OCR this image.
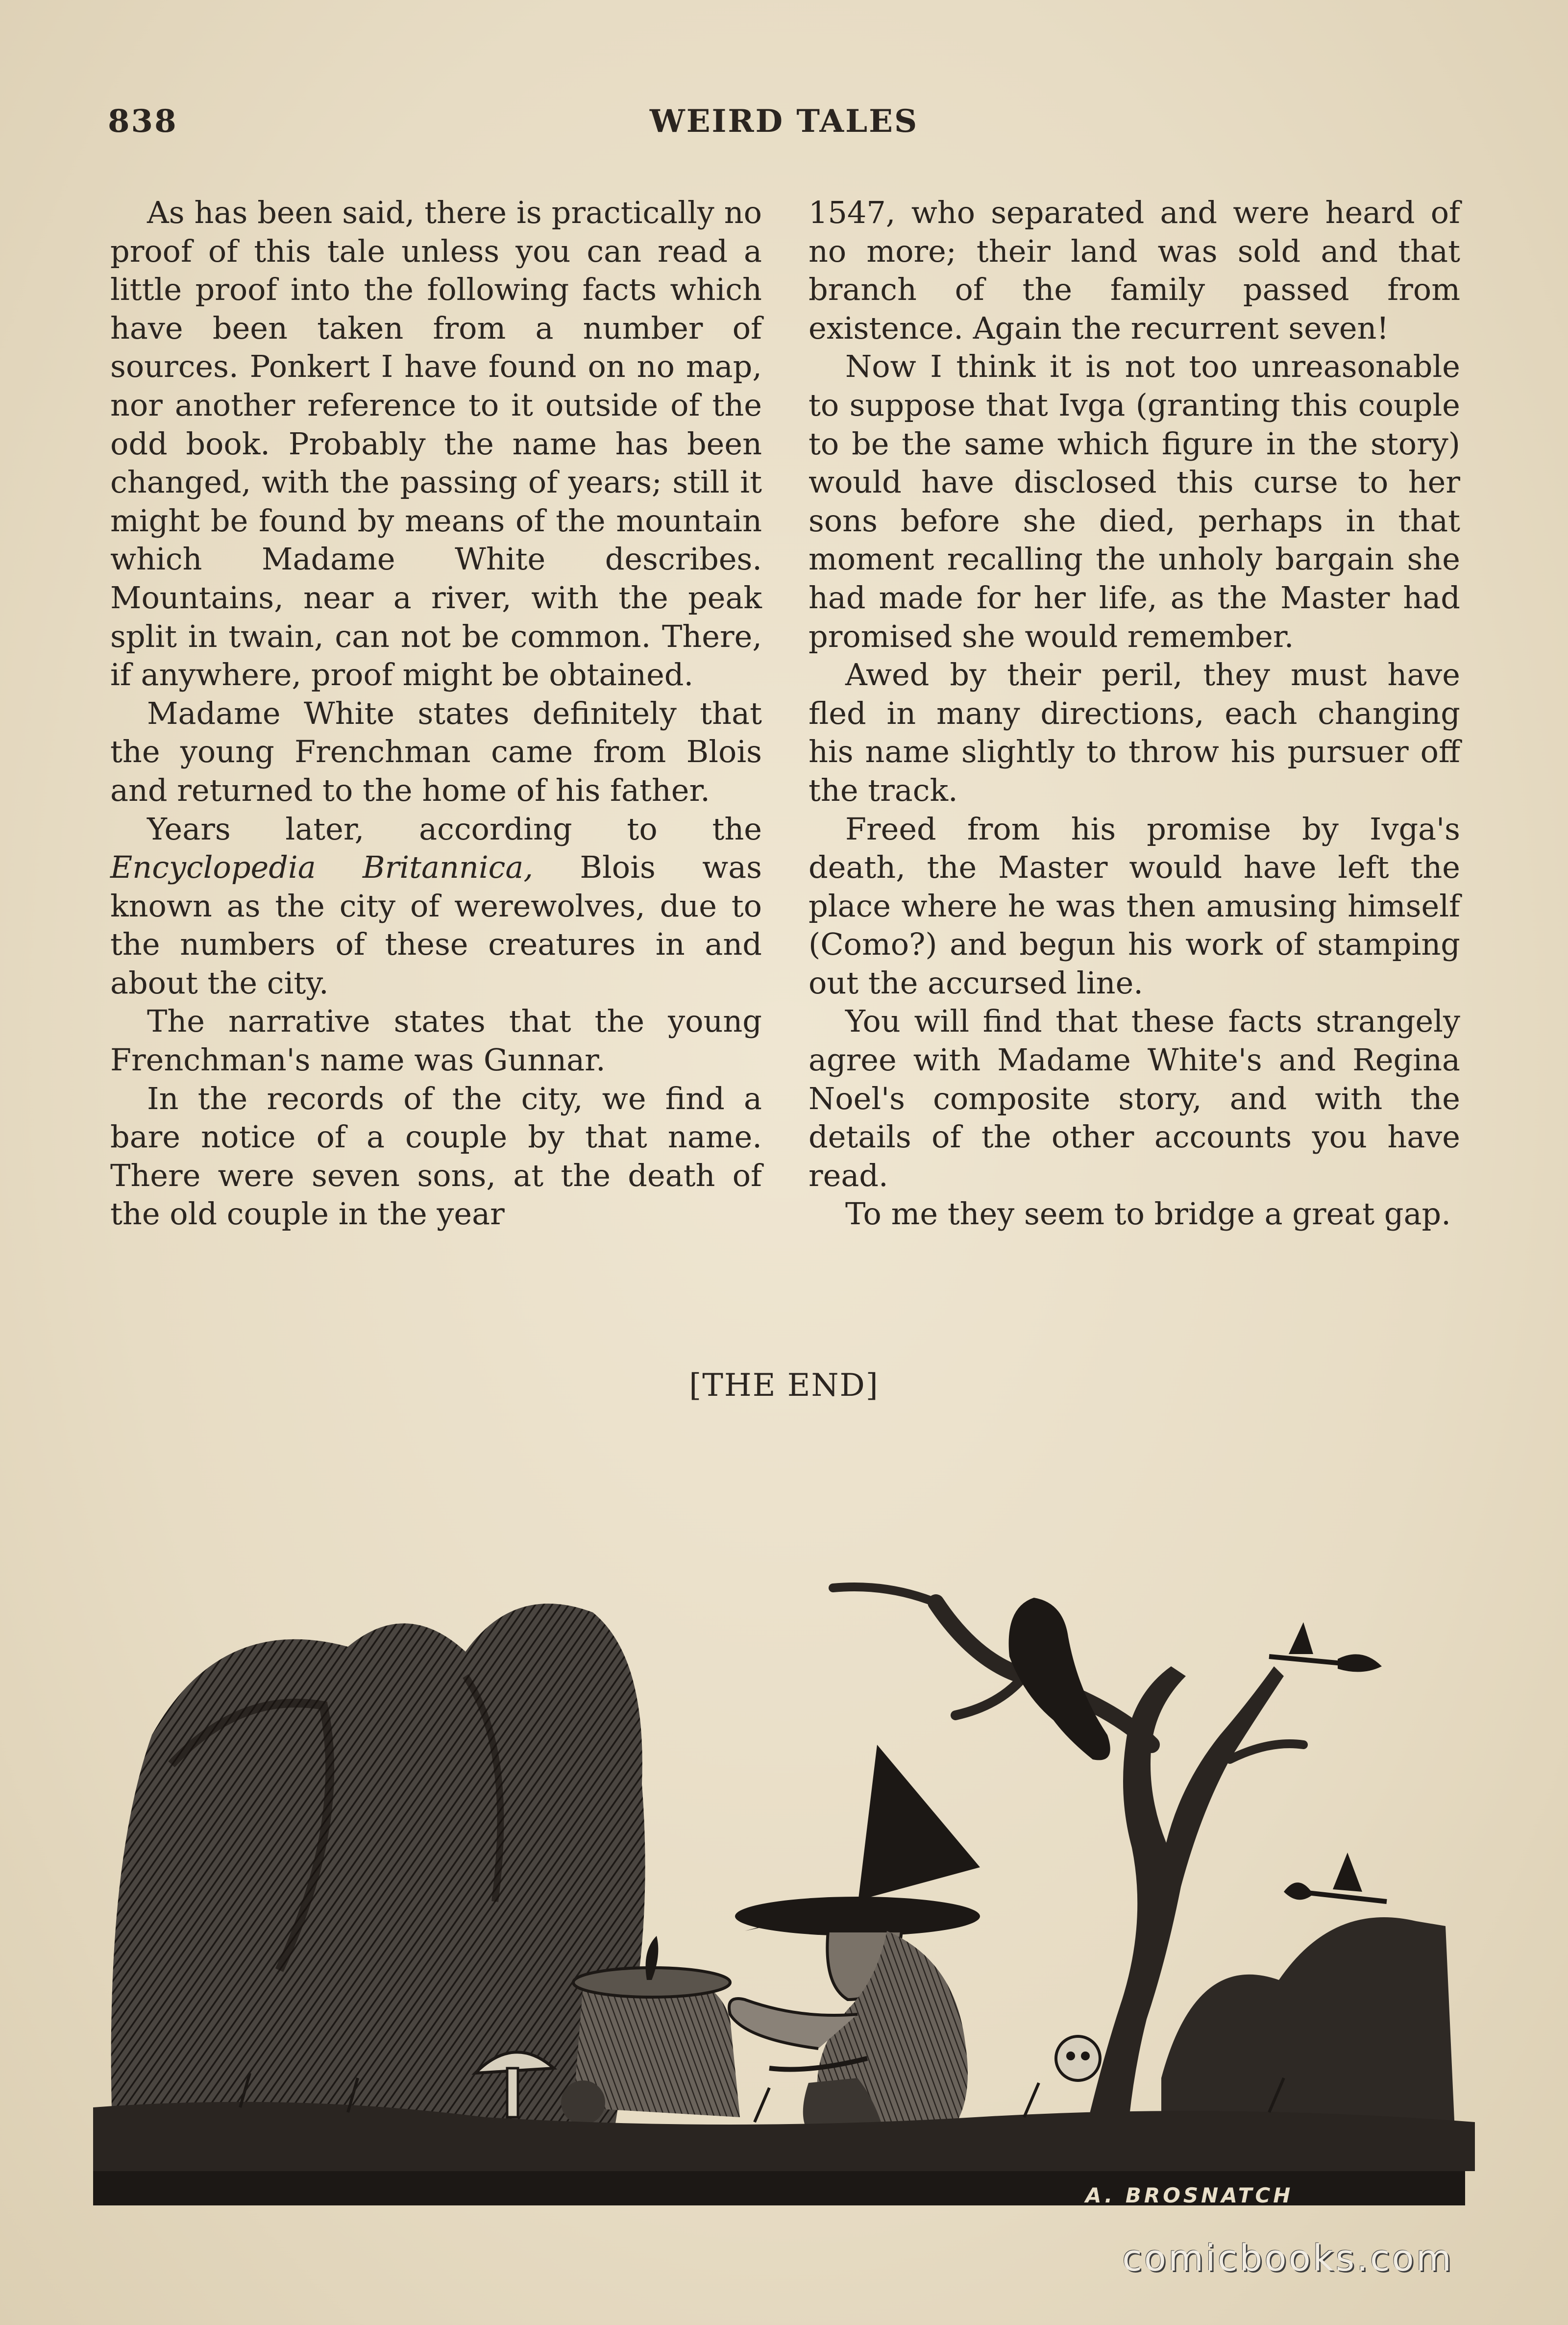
838	WEIRD TALES

As has been said, there is practically no proof of this tale unless you can read a little proof into the following facts which have been taken from a number of sources. Ponkert I have found on no map, nor another reference to it outside of the odd book. Probably the name has been changed, with the passing of years; still it might be found by means of the mountain which Madame White describes. Mountains, near a river, with the peak split in twain, can not be common. There, if anywhere, proof might be obtained.

Madame White states definitely that the young Frenchman came from Blois and returned to the home of his father.

Years later, according to the Encyclopedia Britannica, Blois was known as the city of werewolves, due to the numbers of these creatures in and about the city.

The narrative states that the young Frenchman's name was Gunnar.

In the records of the city, we find a bare notice of a couple by that name. There were seven sons, at the death of the old couple in the year

1547, who separated and were heard of no more; their land was sold and that branch of the family passed from existence. Again the recurrent seven!

Now I think it is not too unreasonable to suppose that Ivga (granting this couple to be the same which figure in the story) would have disclosed this curse to her sons before she died, perhaps in that moment recalling the unholy bargain she had made for her life, as the Master had promised she would remember.

Awed by their peril, they must have fled in many directions, each changing his name slightly to throw his pursuer off the track.

Freed from his promise by Ivga's death, the Master would have left the place where he was then amusing himself (Como?) and begun his work of stamping out the accursed line.

You will find that these facts strangely agree with Madame White's and Regina Noel's composite story, and with the details of the other accounts you have read.

To me they seem to bridge a great gap.

[THE END]
A. BROSNATCH
comicbooks.com
